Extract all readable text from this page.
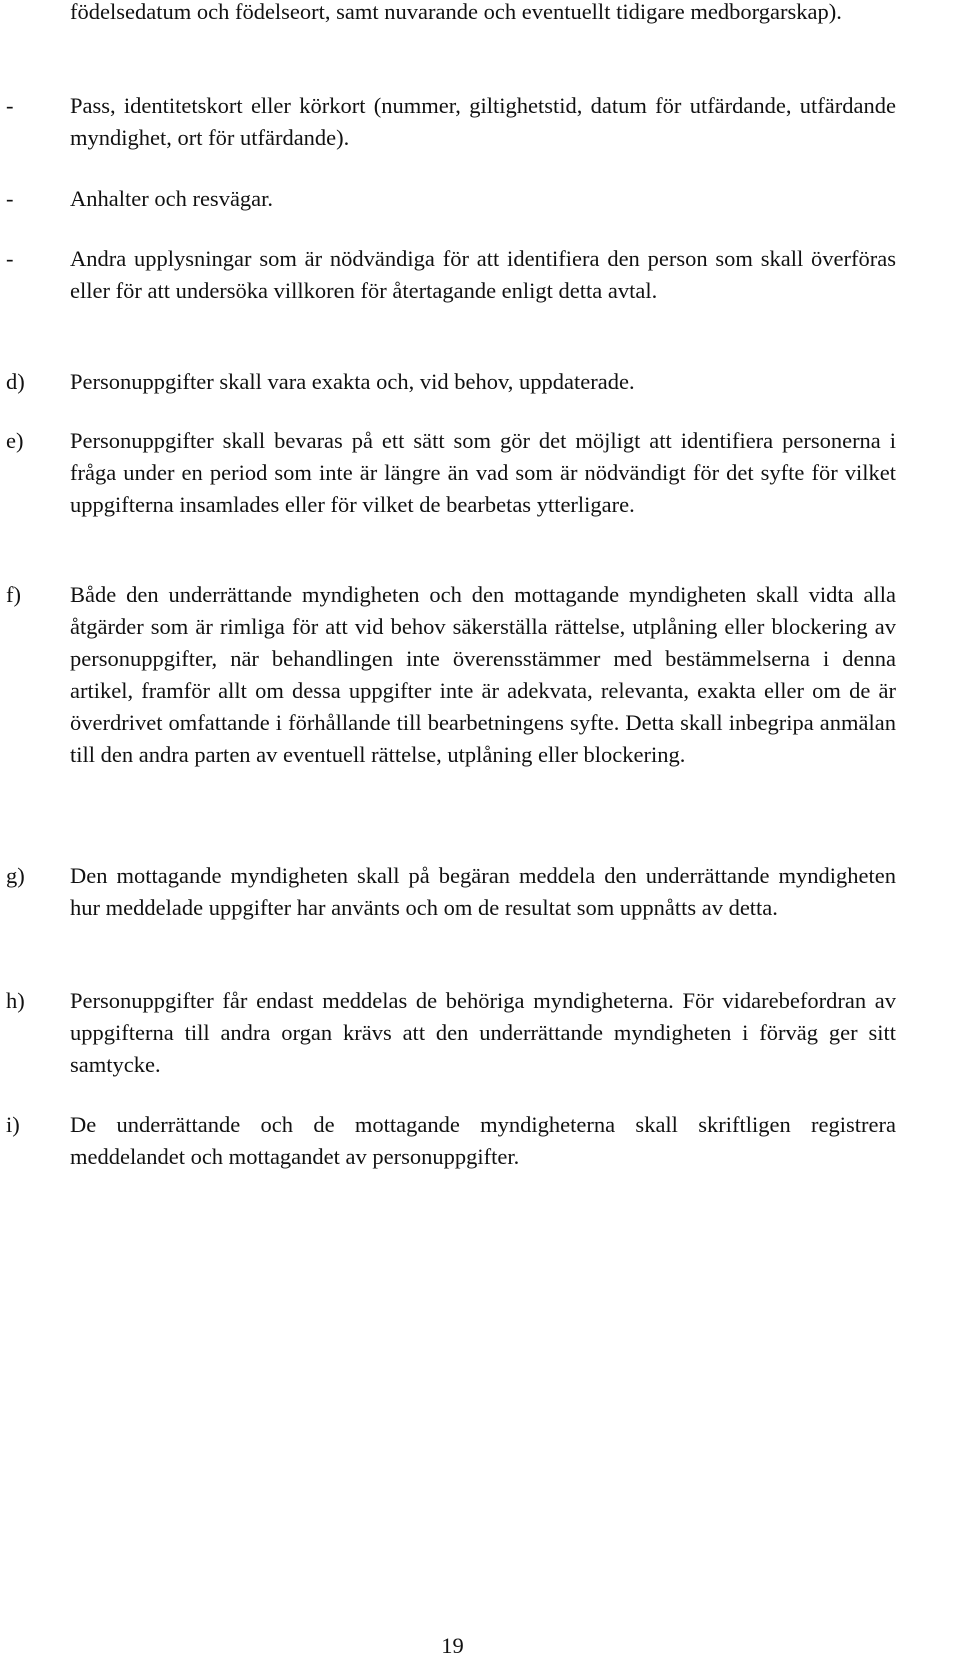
födelsedatum och födelseort, samt nuvarande och eventuellt tidigare medborgarskap).
-	Pass, identitetskort eller körkort (nummer, giltighetstid, datum för utfärdande, utfärdande myndighet, ort för utfärdande).
-	Anhalter och resvägar.
-	Andra upplysningar som är nödvändiga för att identifiera den person som skall överföras eller för att undersöka villkoren för återtagande enligt detta avtal.
d)	Personuppgifter skall vara exakta och, vid behov, uppdaterade.
e)	Personuppgifter skall bevaras på ett sätt som gör det möjligt att identifiera personerna i fråga under en period som inte är längre än vad som är nödvändigt för det syfte för vilket uppgifterna insamlades eller för vilket de bearbetas ytterligare.
f)	Både den underrättande myndigheten och den mottagande myndigheten skall vidta alla åtgärder som är rimliga för att vid behov säkerställa rättelse, utplåning eller blockering av personuppgifter, när behandlingen inte överensstämmer med bestämmelserna i denna artikel, framför allt om dessa uppgifter inte är adekvata, relevanta, exakta eller om de är överdrivet omfattande i förhållande till bearbetningens syfte. Detta skall inbegripa anmälan till den andra parten av eventuell rättelse, utplåning eller blockering.
g)	Den mottagande myndigheten skall på begäran meddela den underrättande myndigheten hur meddelade uppgifter har använts och om de resultat som uppnåtts av detta.
h)	Personuppgifter får endast meddelas de behöriga myndigheterna. För vidarebefordran av uppgifterna till andra organ krävs att den underrättande myndigheten i förväg ger sitt samtycke.
i)	De underrättande och de mottagande myndigheterna skall skriftligen registrera meddelandet och mottagandet av personuppgifter.
19
